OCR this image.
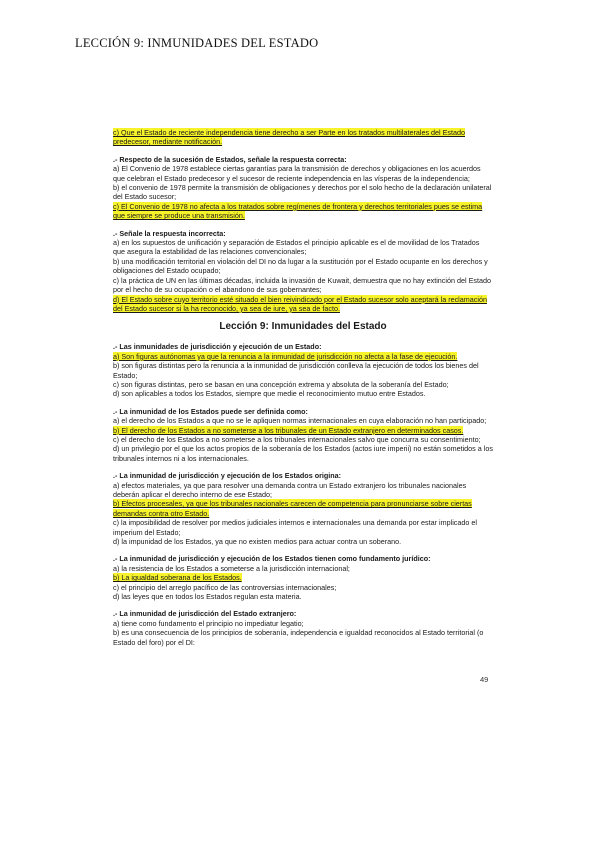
LECCIÓN 9: INMUNIDADES DEL ESTADO

c) Que el Estado de reciente independencia tiene derecho a ser Parte en los tratados multilaterales del Estado predecesor, mediante notificación.

.- Respecto de la sucesión de Estados, señale la respuesta correcta:

a) El Convenio de 1978 establece ciertas garantías para la transmisión de derechos y obligaciones en los acuerdos que celebran el Estado predecesor y el sucesor de reciente independencia en las vísperas de la independencia;

b) el convenio de 1978 permite la transmisión de obligaciones y derechos por el solo hecho de la declaración unilateral del Estado sucesor;

c) El Convenio de 1978 no afecta a los tratados sobre regímenes de frontera y derechos territoriales pues se estima que siempre se produce una transmisión.

.- Señale la respuesta incorrecta:

a) en los supuestos de unificación y separación de Estados el principio aplicable es el de movilidad de los Tratados que asegura la estabilidad de las relaciones convencionales;

b) una modificación territorial en violación del DI no da lugar a la sustitución por el Estado ocupante en los derechos y obligaciones del Estado ocupado;

c) la práctica de UN en las últimas décadas, incluida la invasión de Kuwait, demuestra que no hay extinción del Estado por el hecho de su ocupación o el abandono de sus gobernantes;

d) El Estado sobre cuyo territorio esté situado el bien reivindicado por el Estado sucesor solo aceptará la reclamación del Estado sucesor si la ha reconocido, ya sea de iure, ya sea de facto.

Lección 9: Inmunidades del Estado

.- Las inmunidades de jurisdicción y ejecución de un Estado:

a) Son figuras autónomas ya que la renuncia a la inmunidad de jurisdicción no afecta a la fase de ejecución.

b) son figuras distintas pero la renuncia a la inmunidad de jurisdicción conlleva la ejecución de todos los bienes del Estado;

c) son figuras distintas, pero se basan en una concepción extrema y absoluta de la soberanía del Estado;

d) son aplicables a todos los Estados, siempre que medie el reconocimiento mutuo entre Estados.

.- La inmunidad de los Estados puede ser definida como:

a) el derecho de los Estados a que no se le apliquen normas internacionales en cuya elaboración no han participado;

b) El derecho de los Estados a no someterse a los tribunales de un Estado extranjero en determinados casos.

c) el derecho de los Estados a no someterse a los tribunales internacionales salvo que concurra su consentimiento;

d) un privilegio por el que los actos propios de la soberanía de los Estados (actos iure imperii) no están sometidos a los tribunales internos ni a los internacionales.

.- La inmunidad de jurisdicción y ejecución de los Estados origina:

a) efectos materiales, ya que para resolver una demanda contra un Estado extranjero los tribunales nacionales deberán aplicar el derecho interno de ese Estado;

b) Efectos procesales, ya que los tribunales nacionales carecen de competencia para pronunciarse sobre ciertas demandas contra otro Estado.

c) la imposibilidad de resolver por medios judiciales internos e internacionales una demanda por estar implicado el imperium del Estado;

d) la impunidad de los Estados, ya que no existen medios para actuar contra un soberano.

.- La inmunidad de jurisdicción y ejecución de los Estados tienen como fundamento jurídico:

a) la resistencia de los Estados a someterse a la jurisdicción internacional;

b) La igualdad soberana de los Estados.

c) el principio del arreglo pacífico de las controversias internacionales;

d) las leyes que en todos los Estados regulan esta materia.

.- La inmunidad de jurisdicción del Estado extranjero:

a) tiene como fundamento el principio no impediatur legatio;

b) es una consecuencia de los principios de soberanía, independencia e igualdad reconocidos al Estado territorial (o Estado del foro) por el DI:

49
